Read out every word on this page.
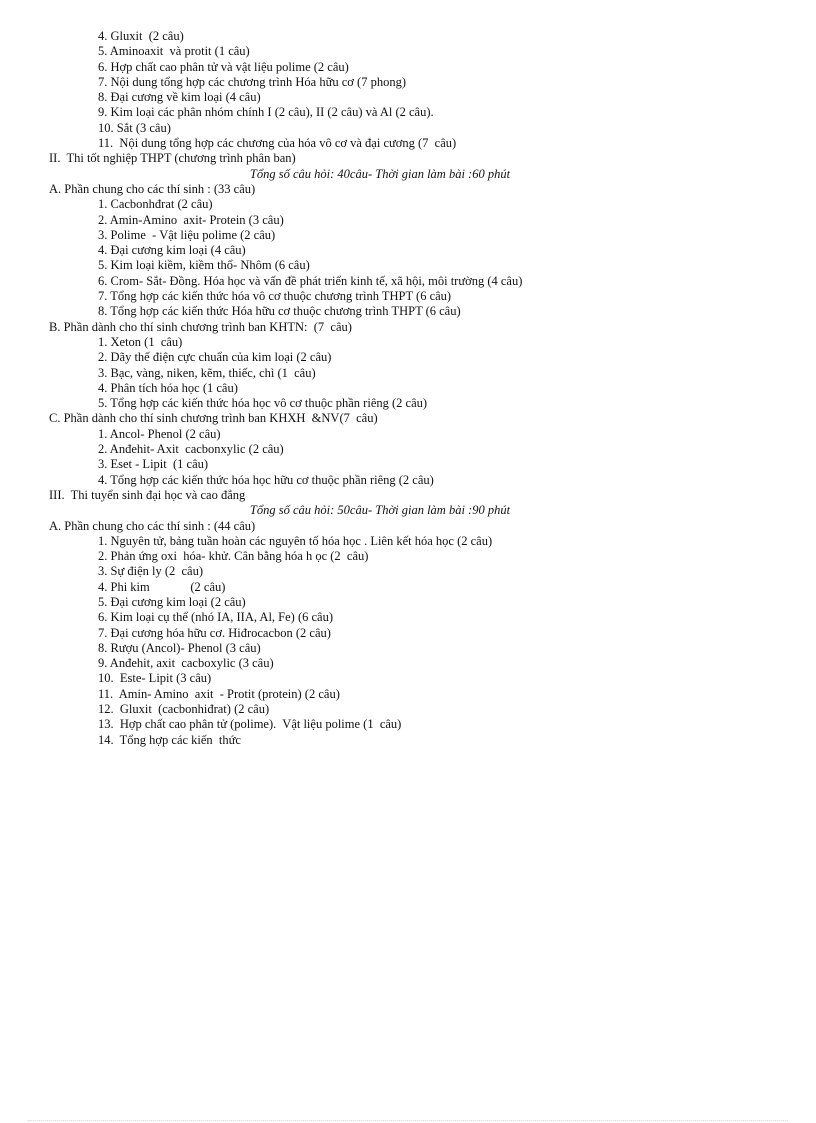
4. Gluxit  (2 câu)
5. Aminoaxit  và protit (1 câu)
6. Hợp chất cao phân tử và vật liệu polime (2 câu)
7. Nội dung tổng hợp các chương trình Hóa hữu cơ (7 phong)
8. Đại cương về kim loại (4 câu)
9. Kim loại các phân nhóm chính I (2 câu), II (2 câu) và Al (2 câu).
10. Sắt (3 câu)
11.  Nội dung tổng hợp các chương của hóa vô cơ và đại cương (7  câu)
II.  Thi tốt nghiệp THPT (chương trình phân ban)
Tổng số câu hỏi: 40câu- Thời gian làm bài :60 phút
A. Phần chung cho các thí sinh : (33 câu)
1. Cacbonhđrat (2 câu)
2. Amin-Amino  axit- Protein (3 câu)
3. Polime  - Vật liệu polime (2 câu)
4. Đại cương kim loại (4 câu)
5. Kim loại kiềm, kiềm thổ- Nhôm (6 câu)
6. Crom- Sắt- Đồng. Hóa học và vấn đề phát triển kinh tế, xã hội, môi trường (4 câu)
7. Tổng hợp các kiến thức hóa vô cơ thuộc chương trình THPT (6 câu)
8. Tổng hợp các kiến thức Hóa hữu cơ thuộc chương trình THPT (6 câu)
B. Phần dành cho thí sinh chương trình ban KHTN:  (7  câu)
1. Xeton (1  câu)
2. Dãy thế điện cực chuẩn của kim loại (2 câu)
3. Bạc, vàng, niken, kẽm, thiếc, chì (1  câu)
4. Phân tích hóa học (1 câu)
5. Tổng hợp các kiến thức hóa học vô cơ thuộc phần riêng (2 câu)
C. Phần dành cho thí sinh chương trình ban KHXH  &NV(7  câu)
1. Ancol- Phenol (2 câu)
2. Anđehit- Axit  cacbonxylic (2 câu)
3. Eset - Lipit  (1 câu)
4. Tổng hợp các kiến thức hóa học hữu cơ thuộc phần riêng (2 câu)
III.  Thi tuyển sinh đại học và cao đẳng
Tổng số câu hỏi: 50câu- Thời gian làm bài :90 phút
A. Phần chung cho các thí sinh : (44 câu)
1. Nguyên tử, bảng tuần hoàn các nguyên tố hóa học . Liên kết hóa học (2 câu)
2. Phản ứng oxi  hóa- khử. Cân bằng hóa h ọc (2  câu)
3. Sự điện ly (2  câu)
4. Phi kim             (2 câu)
5. Đại cương kim loại (2 câu)
6. Kim loại cụ thể (nhó IA, IIA, Al, Fe) (6 câu)
7. Đại cương hóa hữu cơ. Hiđrocacbon (2 câu)
8. Rượu (Ancol)- Phenol (3 câu)
9. Anđehit, axit  cacboxylic (3 câu)
10.  Este- Lipit (3 câu)
11.  Amin- Amino  axit  - Protit (protein) (2 câu)
12.  Gluxit  (cacbonhiđrat) (2 câu)
13.  Hợp chất cao phân tử (polime).  Vật liệu polime (1  câu)
14.  Tổng hợp các kiến  thức
